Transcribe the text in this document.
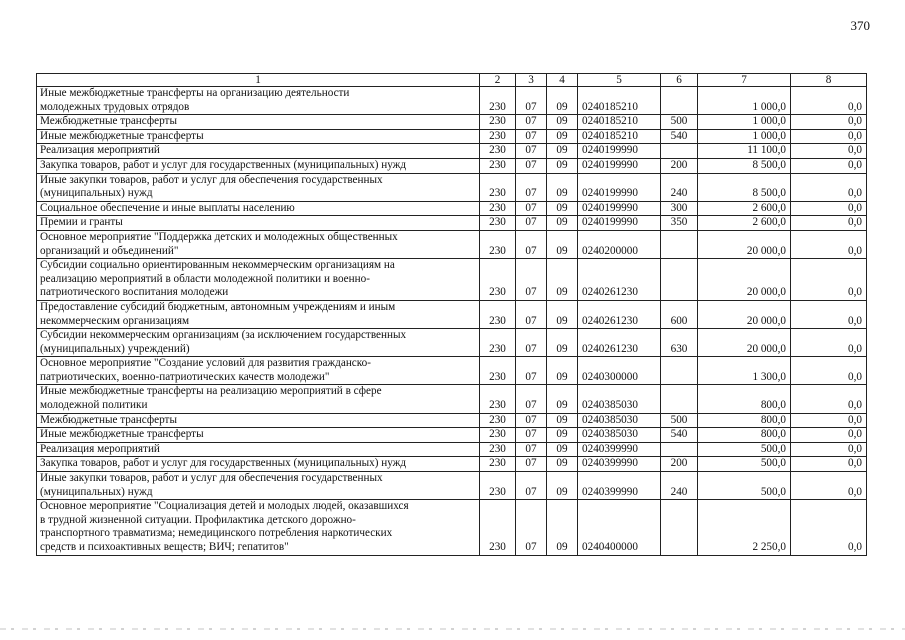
370
1	2	3	4	5	6	7	8
Иные межбюджетные трансферты на организацию деятельности
молодежных трудовых отрядов	230	07	09	0240185210		1 000,0	0,0
Межбюджетные трансферты	230	07	09	0240185210	500	1 000,0	0,0
Иные межбюджетные трансферты	230	07	09	0240185210	540	1 000,0	0,0
Реализация мероприятий	230	07	09	0240199990		11 100,0	0,0
Закупка товаров, работ и услуг для государственных (муниципальных) нужд	230	07	09	0240199990	200	8 500,0	0,0
Иные закупки товаров, работ и услуг для обеспечения государственных
(муниципальных) нужд	230	07	09	0240199990	240	8 500,0	0,0
Социальное обеспечение и иные выплаты населению	230	07	09	0240199990	300	2 600,0	0,0
Премии и гранты	230	07	09	0240199990	350	2 600,0	0,0
Основное мероприятие "Поддержка детских и молодежных общественных
организаций и объединений"	230	07	09	0240200000		20 000,0	0,0
Субсидии социально ориентированным некоммерческим организациям на
реализацию мероприятий в области молодежной политики и военно-
патриотического воспитания молодежи	230	07	09	0240261230		20 000,0	0,0
Предоставление субсидий бюджетным, автономным учреждениям и иным
некоммерческим организациям	230	07	09	0240261230	600	20 000,0	0,0
Субсидии некоммерческим организациям (за исключением государственных
(муниципальных) учреждений)	230	07	09	0240261230	630	20 000,0	0,0
Основное мероприятие "Создание условий для развития гражданско-
патриотических, военно-патриотических качеств молодежи"	230	07	09	0240300000		1 300,0	0,0
Иные межбюджетные трансферты на реализацию мероприятий в сфере
молодежной политики	230	07	09	0240385030		800,0	0,0
Межбюджетные трансферты	230	07	09	0240385030	500	800,0	0,0
Иные межбюджетные трансферты	230	07	09	0240385030	540	800,0	0,0
Реализация мероприятий	230	07	09	0240399990		500,0	0,0
Закупка товаров, работ и услуг для государственных (муниципальных) нужд	230	07	09	0240399990	200	500,0	0,0
Иные закупки товаров, работ и услуг для обеспечения государственных
(муниципальных) нужд	230	07	09	0240399990	240	500,0	0,0
Основное мероприятие "Социализация детей и молодых людей, оказавшихся
в трудной жизненной ситуации. Профилактика детского дорожно-
транспортного травматизма; немедицинского потребления наркотических
средств и психоактивных веществ; ВИЧ; гепатитов"	230	07	09	0240400000		2 250,0	0,0
